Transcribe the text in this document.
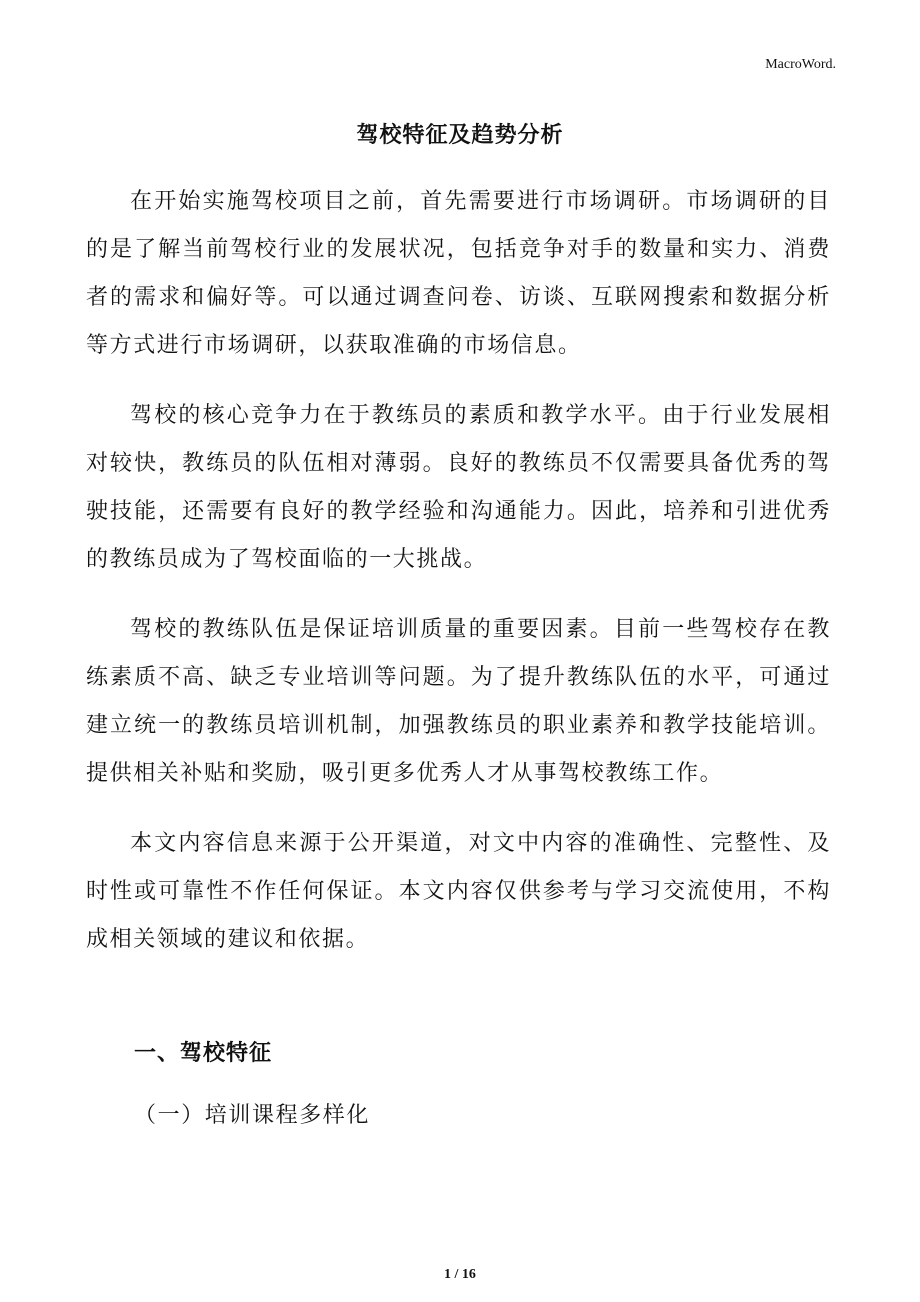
MacroWord.
驾校特征及趋势分析

在开始实施驾校项目之前，首先需要进行市场调研。市场调研的目的是了解当前驾校行业的发展状况，包括竞争对手的数量和实力、消费者的需求和偏好等。可以通过调查问卷、访谈、互联网搜索和数据分析等方式进行市场调研，以获取准确的市场信息。

驾校的核心竞争力在于教练员的素质和教学水平。由于行业发展相对较快，教练员的队伍相对薄弱。良好的教练员不仅需要具备优秀的驾驶技能，还需要有良好的教学经验和沟通能力。因此，培养和引进优秀的教练员成为了驾校面临的一大挑战。

驾校的教练队伍是保证培训质量的重要因素。目前一些驾校存在教练素质不高、缺乏专业培训等问题。为了提升教练队伍的水平，可通过建立统一的教练员培训机制，加强教练员的职业素养和教学技能培训。提供相关补贴和奖励，吸引更多优秀人才从事驾校教练工作。

本文内容信息来源于公开渠道，对文中内容的准确性、完整性、及时性或可靠性不作任何保证。本文内容仅供参考与学习交流使用，不构成相关领域的建议和依据。

一、驾校特征
（一）培训课程多样化
1 / 16
